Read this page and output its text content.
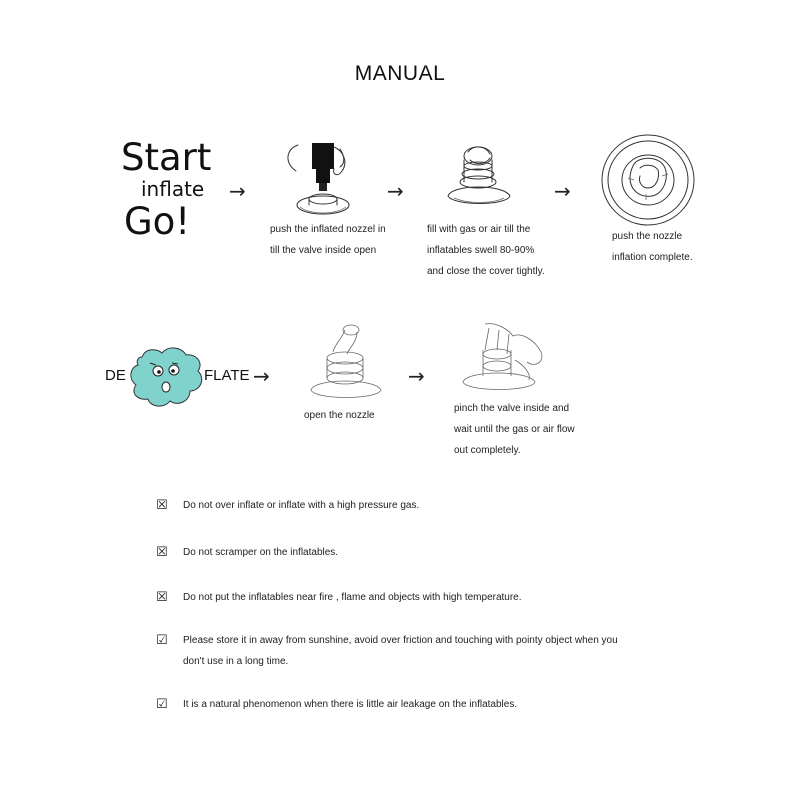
MANUAL
Start
inflate
Go!
→	→	→
push the inflated nozzel in
till the valve inside open
fill with gas or air till the
inflatables swell 80-90%
and close the cover tightly.
push the nozzle
inflation complete.
DE	FLATE →	→
open the nozzle
pinch the valve inside and
wait until the gas or air flow
out completely.
☒ Do not over inflate or inflate with a high pressure gas.
☒ Do not scramper on the inflatables.
☒ Do not put the inflatables near fire , flame and objects with high temperature.
☑ Please store it in away from sunshine, avoid over friction and touching with pointy object when you
don't use in a long time.
☑ It is a natural phenomenon when there is little air leakage on the inflatables.
